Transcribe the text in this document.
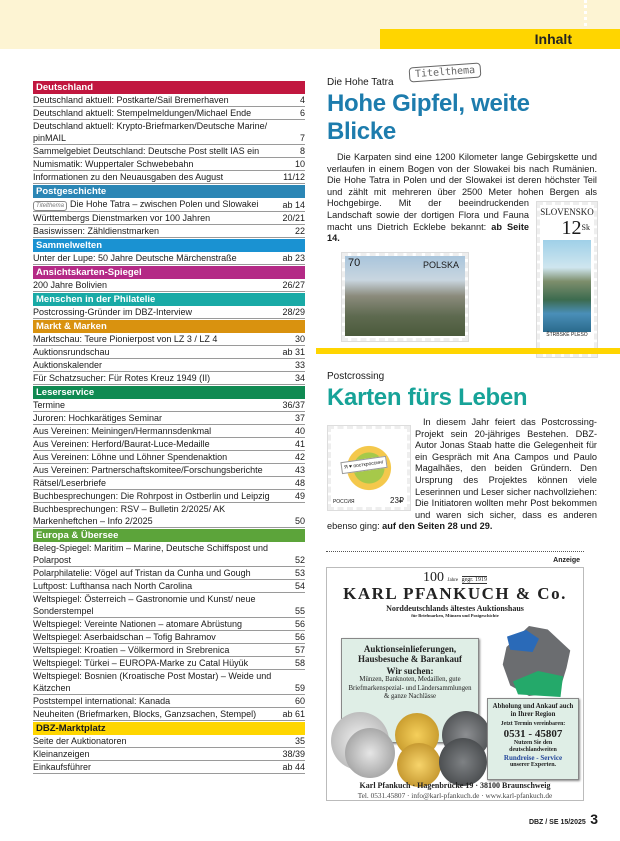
Inhalt
Deutschland
Deutschland aktuell: Postkarte/Sail Bremerhaven	4
Deutschland aktuell: Stempelmeldungen/Michael Ende	6
Deutschland aktuell: Krypto-Briefmarken/Deutsche Marine/ pinMAIL	7
Sammelgebiet Deutschland: Deutsche Post stellt IAS ein	8
Numismatik: Wuppertaler Schwebebahn	10
Informationen zu den Neuausgaben des August	11/12
Postgeschichte
Titelthema Die Hohe Tatra – zwischen Polen und Slowakei	ab 14
Württembergs Dienstmarken vor 100 Jahren	20/21
Basiswissen: Zähldienstmarken	22
Sammelwelten
Unter der Lupe: 50 Jahre Deutsche Märchenstraße	ab 23
Ansichtskarten-Spiegel
200 Jahre Bolivien	26/27
Menschen in der Philatelie
Postcrossing-Gründer im DBZ-Interview	28/29
Markt & Marken
Marktschau: Teure Pionierpost von LZ 3 / LZ 4	30
Auktionsrundschau	ab 31
Auktionskalender	33
Für Schatzsucher: Für Rotes Kreuz 1949 (II)	34
Leserservice
Termine	36/37
Juroren: Hochkarätiges Seminar	37
Aus Vereinen: Meiningen/Hermannsdenkmal	40
Aus Vereinen: Herford/Baurat-Luce-Medaille	41
Aus Vereinen: Löhne und Löhner Spendenaktion	42
Aus Vereinen: Partnerschaftskomitee/Forschungsberichte	43
Rätsel/Leserbriefe	48
Buchbesprechungen: Die Rohrpost in Ostberlin und Leipzig	49
Buchbesprechungen: RSV – Bulletin 2/2025/ AK Markenheftchen – Info 2/2025	50
Europa & Übersee
Beleg-Spiegel: Maritim – Marine, Deutsche Schiffspost und Polarpost	52
Polarphilatelie: Vögel auf Tristan da Cunha und Gough	53
Luftpost: Lufthansa nach North Carolina	54
Weltspiegel: Österreich – Gastronomie und Kunst/ neue Sonderstempel	55
Weltspiegel: Vereinte Nationen – atomare Abrüstung	56
Weltspiegel: Aserbaidschan – Tofig Bahramov	56
Weltspiegel: Kroatien – Völkermord in Srebrenica	57
Weltspiegel: Türkei – EUROPA-Marke zu Catal Hüyük	58
Weltspiegel: Bosnien (Kroatische Post Mostar) – Weide und Kätzchen	59
Poststempel international: Kanada	60
Neuheiten (Briefmarken, Blocks, Ganzsachen, Stempel)	ab 61
DBZ-Marktplatz
Seite der Auktionatoren	35
Kleinanzeigen	38/39
Einkaufsführer	ab 44
Die Hohe Tatra
Titelthema
Hohe Gipfel, weite Blicke
SLOVENSKO
$12^{Sk}$
ŠTRBSKÉ PLESO
Die Karpaten sind eine 1200 Kilometer lange Gebirgskette und verlaufen in einem Bogen von der Slowakei bis nach Rumänien. Die Hohe Tatra in Polen und der Slowakei ist deren höchster Teil und zählt mit mehreren über 2500 Meter hohen Bergen als Hochgebirge. Mit der beeindruckenden Landschaft sowie der dortigen Flora und Fauna macht uns Dietrich Ecklebe bekannt: ab Seite 14.
70	POLSKA
Postcrossing
Karten fürs Leben
In diesem Jahr feiert das Postcrossing-Projekt sein 20-jähriges Bestehen. DBZ-Autor Jonas Staab hatte die Gelegenheit für ein Gespräch mit Ana Campos und Paulo Magalhães, den beiden Gründern. Den Ursprung des Projektes können viele Leserinnen und Leser sicher nachvollziehen: Die Initiatoren wollten mehr Post bekommen und waren sich sicher, dass es anderen ebenso ging: auf den Seiten 28 und 29.
Я ♥ посткроссинг
РОССИЯ	23₽
Anzeige
100 Jahre gegr. 1919
KARL PFANKUCH & Co.
Norddeutschlands ältestes Auktionshaus
für Briefmarken, Münzen und Postgeschichte
Auktionseinlieferungen, Hausbesuche & Barankauf
Wir suchen:
Münzen, Banknoten, Medaillen, gute Briefmarkenspezial- und Ländersammlungen & ganze Nachlässe
Abholung und Ankauf auch in Ihrer Region
Jetzt Termin vereinbaren:
0531 - 45807
Nutzen Sie den deutschlandweiten
Rundreise - Service
unserer Experten.
Karl Pfankuch · Hagenbrücke 19 · 38100 Braunschweig
Tel. 0531.45807 · info@karl-pfankuch.de · www.karl-pfankuch.de
DBZ / SE 15/2025 3
